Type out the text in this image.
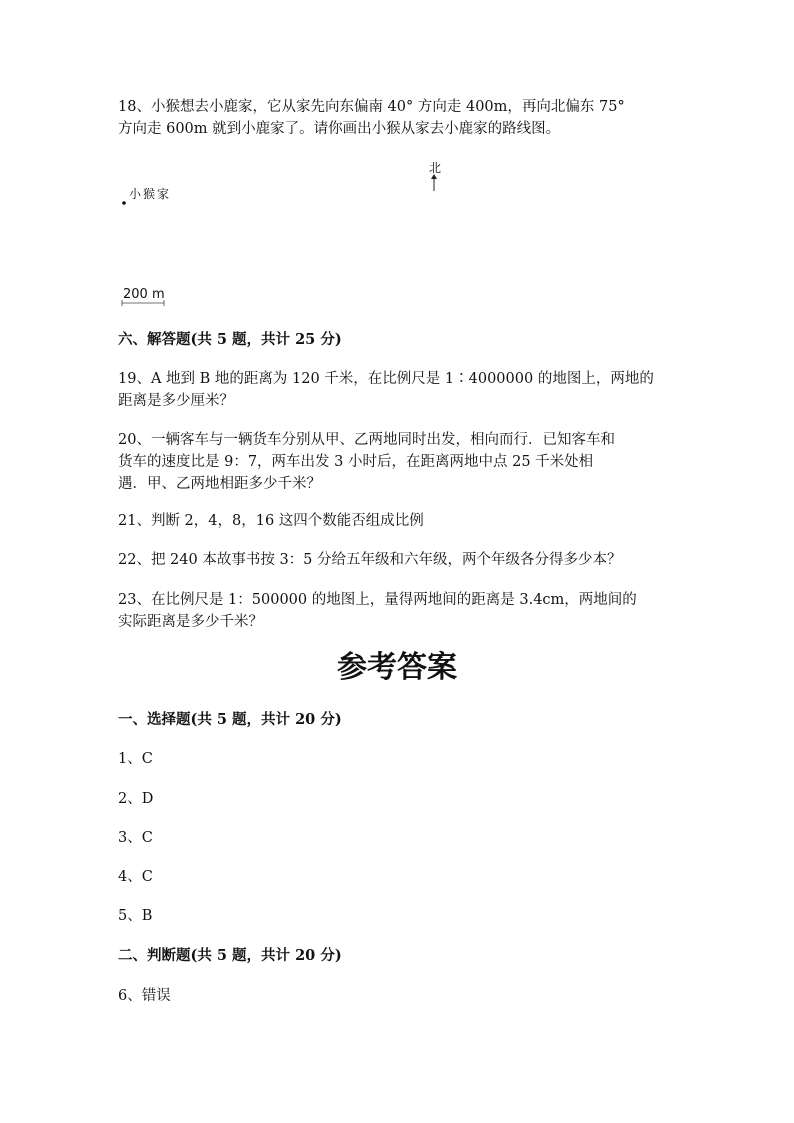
18、小猴想去小鹿家，它从家先向东偏南 40° 方向走 400m，再向北偏东 75°

方向走 600m 就到小鹿家了。请你画出小猴从家去小鹿家的路线图。

北
小猴家
200 m

六、解答题(共 5 题，共计 25 分)

19、A 地到 B 地的距离为 120 千米，在比例尺是 1∶4000000 的地图上，两地的

距离是多少厘米？

20、一辆客车与一辆货车分别从甲、乙两地同时出发，相向而行．已知客车和

货车的速度比是 9：7，两车出发 3 小时后，在距离两地中点 25 千米处相

遇．甲、乙两地相距多少千米？

21、判断 2，4，8，16 这四个数能否组成比例

22、把 240 本故事书按 3：5 分给五年级和六年级，两个年级各分得多少本？

23、在比例尺是 1：500000 的地图上，量得两地间的距离是 3.4cm，两地间的

实际距离是多少千米？

参考答案

一、选择题(共 5 题，共计 20 分)

1、C

2、D

3、C

4、C

5、B

二、判断题(共 5 题，共计 20 分)

6、错误
